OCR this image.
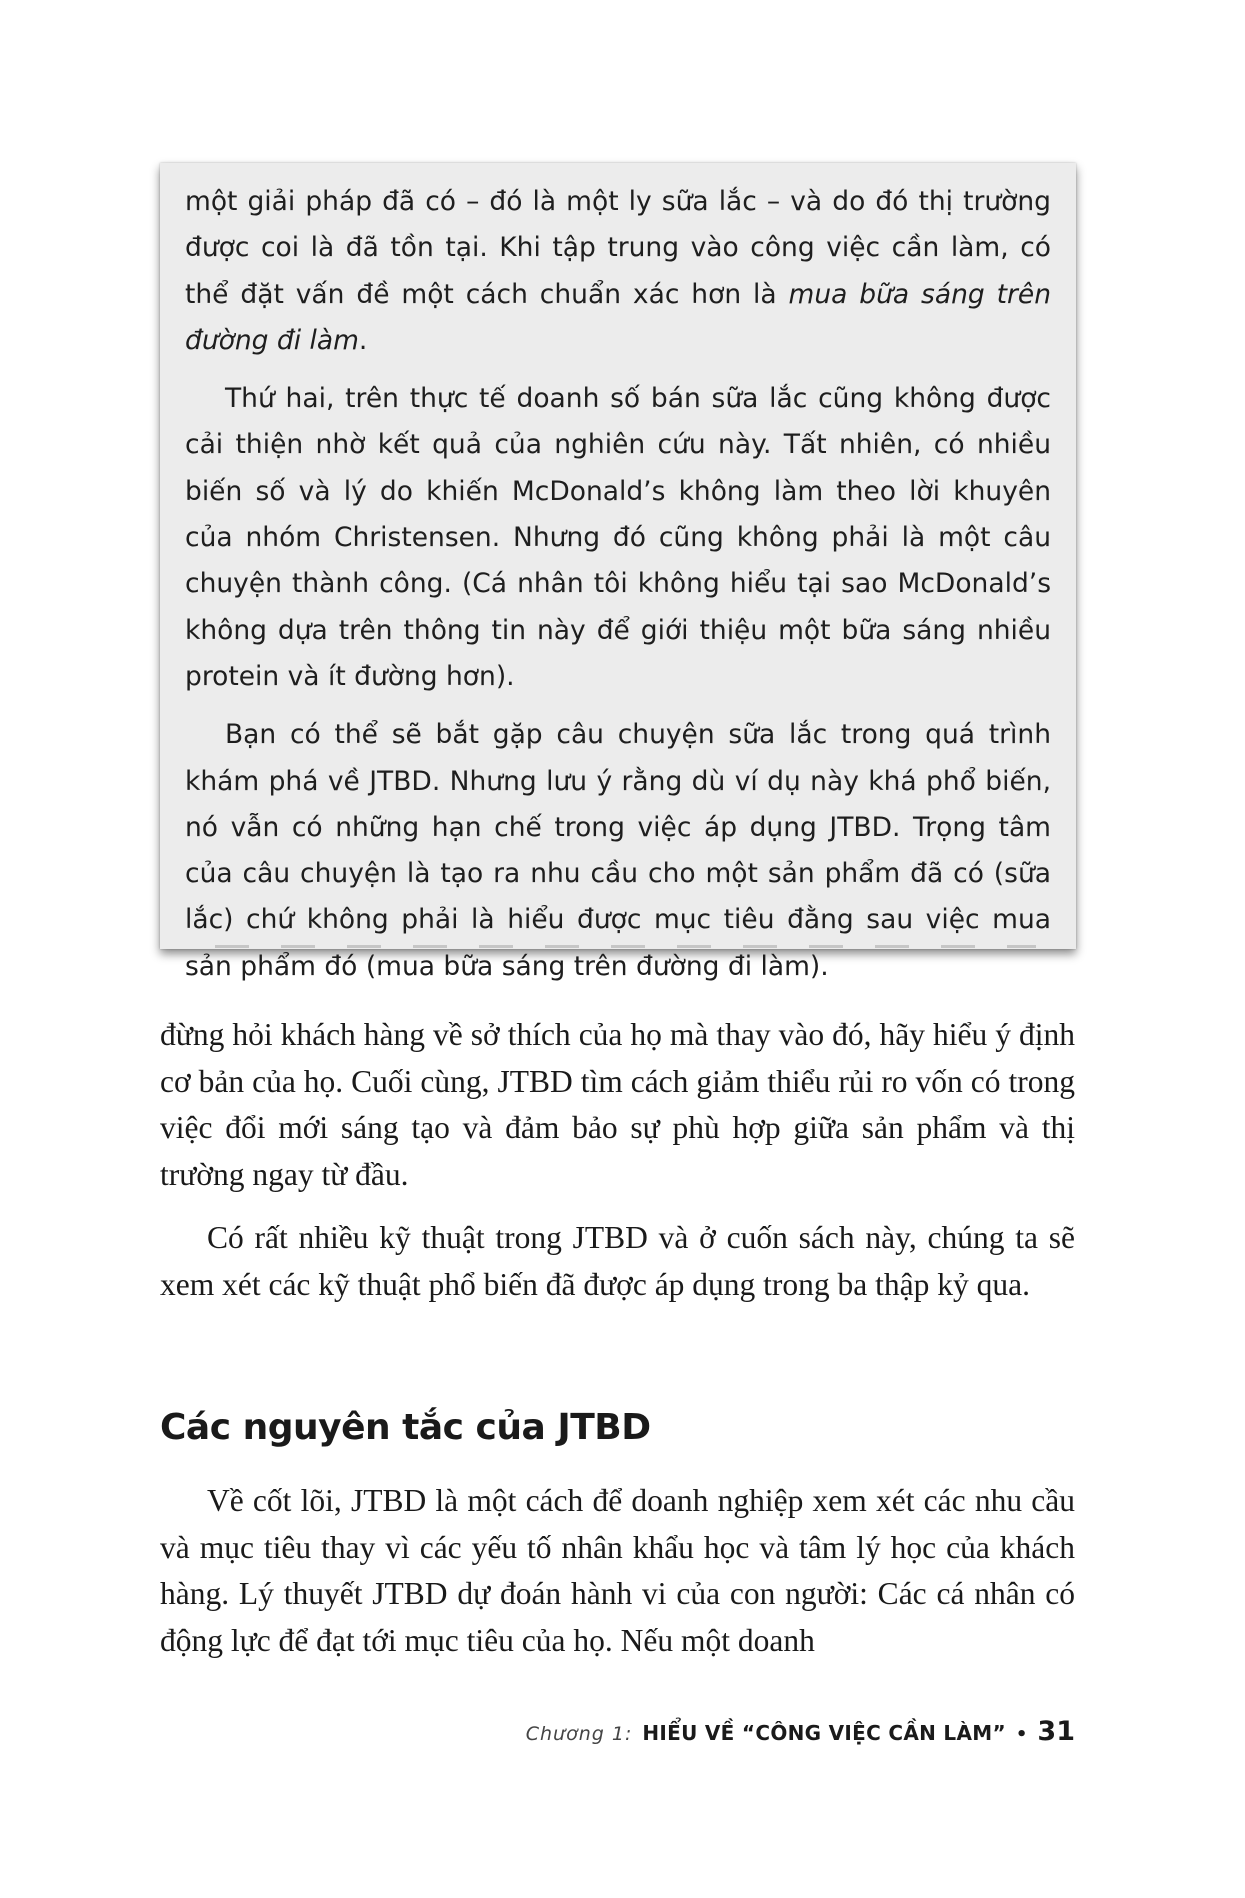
một giải pháp đã có – đó là một ly sữa lắc – và do đó thị trường được coi là đã tồn tại. Khi tập trung vào công việc cần làm, có thể đặt vấn đề một cách chuẩn xác hơn là mua bữa sáng trên đường đi làm.

Thứ hai, trên thực tế doanh số bán sữa lắc cũng không được cải thiện nhờ kết quả của nghiên cứu này. Tất nhiên, có nhiều biến số và lý do khiến McDonald’s không làm theo lời khuyên của nhóm Christensen. Nhưng đó cũng không phải là một câu chuyện thành công. (Cá nhân tôi không hiểu tại sao McDonald’s không dựa trên thông tin này để giới thiệu một bữa sáng nhiều protein và ít đường hơn).

Bạn có thể sẽ bắt gặp câu chuyện sữa lắc trong quá trình khám phá về JTBD. Nhưng lưu ý rằng dù ví dụ này khá phổ biến, nó vẫn có những hạn chế trong việc áp dụng JTBD. Trọng tâm của câu chuyện là tạo ra nhu cầu cho một sản phẩm đã có (sữa lắc) chứ không phải là hiểu được mục tiêu đằng sau việc mua sản phẩm đó (mua bữa sáng trên đường đi làm).

đừng hỏi khách hàng về sở thích của họ mà thay vào đó, hãy hiểu ý định cơ bản của họ. Cuối cùng, JTBD tìm cách giảm thiểu rủi ro vốn có trong việc đổi mới sáng tạo và đảm bảo sự phù hợp giữa sản phẩm và thị trường ngay từ đầu.

Có rất nhiều kỹ thuật trong JTBD và ở cuốn sách này, chúng ta sẽ xem xét các kỹ thuật phổ biến đã được áp dụng trong ba thập kỷ qua.

Các nguyên tắc của JTBD

Về cốt lõi, JTBD là một cách để doanh nghiệp xem xét các nhu cầu và mục tiêu thay vì các yếu tố nhân khẩu học và tâm lý học của khách hàng. Lý thuyết JTBD dự đoán hành vi của con người: Các cá nhân có động lực để đạt tới mục tiêu của họ. Nếu một doanh

Chương 1: HIỂU VỀ “CÔNG VIỆC CẦN LÀM” • 31
